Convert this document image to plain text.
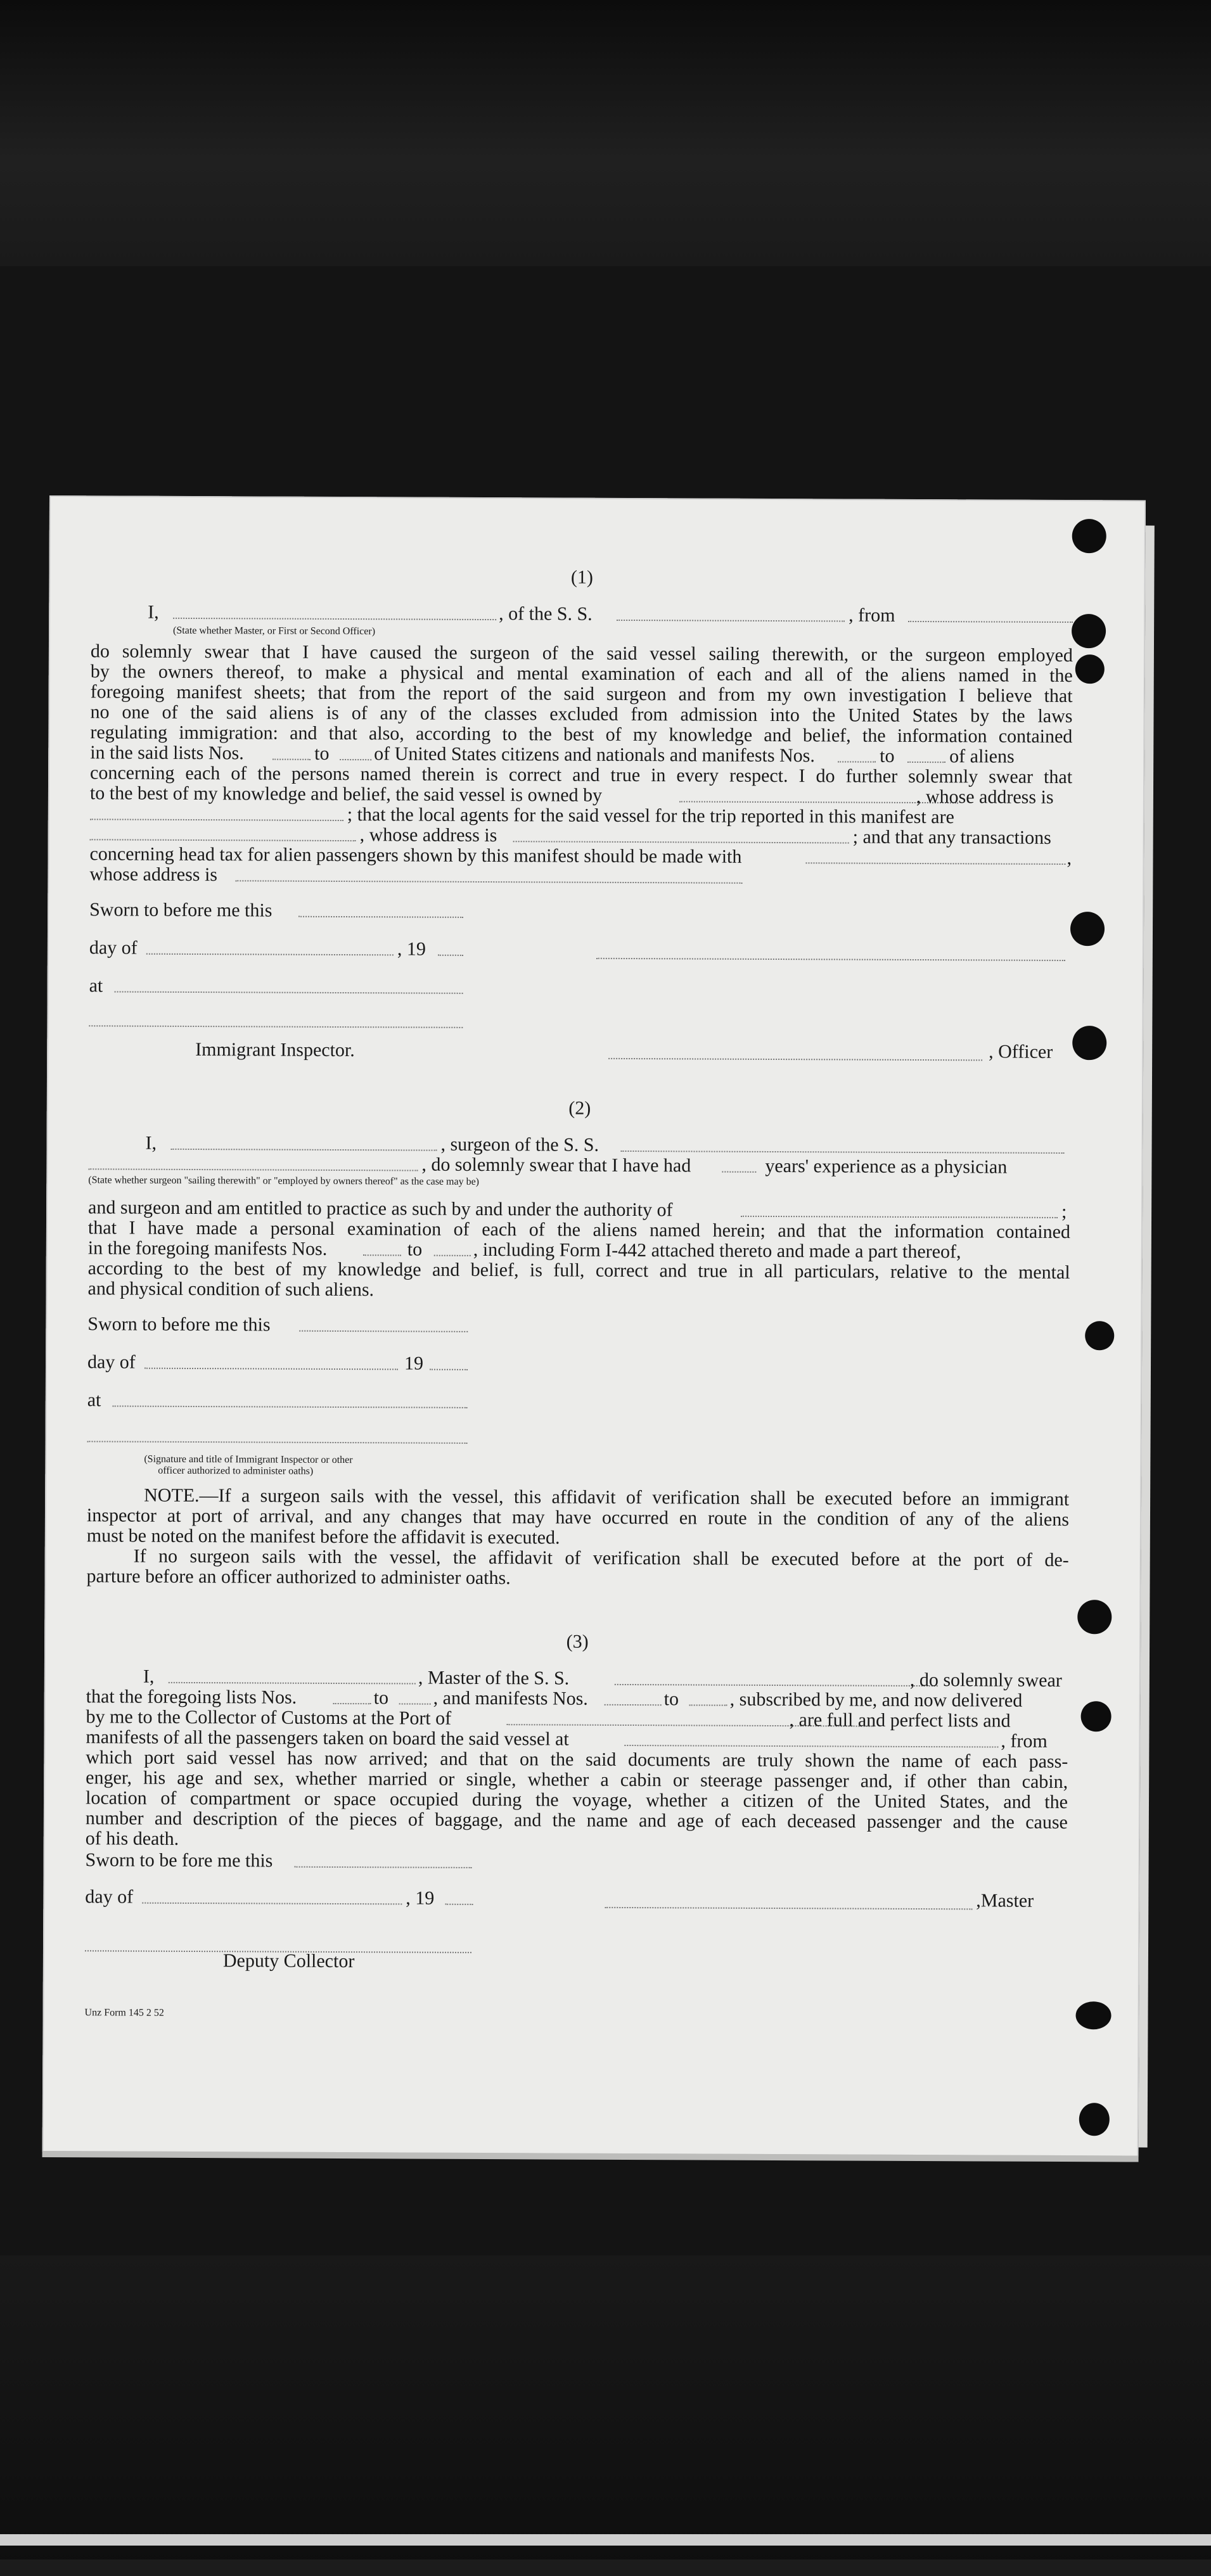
(1)
I,	, of the S. S.	, from
(State whether Master, or First or Second Officer)
do solemnly swear that I have caused the surgeon of the said vessel sailing therewith, or the surgeon employed
by the owners thereof, to make a physical and mental examination of each and all of the aliens named in the
foregoing manifest sheets; that from the report of the said surgeon and from my own investigation I believe that
no one of the said aliens is of any of the classes excluded from admission into the United States by the laws
regulating immigration: and that also, according to the best of my knowledge and belief, the information contained
in the said lists Nos.	to of United States citizens and nationals and manifests Nos.	to	of aliens
concerning each of the persons named therein is correct and true in every respect. I do further solemnly swear that
to the best of my knowledge and belief, the said vessel is owned by	, whose address is
; that the local agents for the said vessel for the trip reported in this manifest are
, whose address is	; and that any transactions
concerning head tax for alien passengers shown by this manifest should be made with	,
whose address is
Sworn to before me this
day of	, 19
at
Immigrant Inspector.	, Officer
(2)
I,	, surgeon of the S. S.
, do solemnly swear that I have had	years' experience as a physician
(State whether surgeon "sailing therewith" or "employed by owners thereof" as the case may be)
and surgeon and am entitled to practice as such by and under the authority of	;
that I have made a personal examination of each of the aliens named herein; and that the information contained
in the foregoing manifests Nos.	to	, including Form I-442 attached thereto and made a part thereof,
according to the best of my knowledge and belief, is full, correct and true in all particulars, relative to the mental
and physical condition of such aliens.
Sworn to before me this
day of	19
at
(Signature and title of Immigrant Inspector or other
officer authorized to administer oaths)
NOTE.—If a surgeon sails with the vessel, this affidavit of verification shall be executed before an immigrant
inspector at port of arrival, and any changes that may have occurred en route in the condition of any of the aliens
must be noted on the manifest before the affidavit is executed.
If no surgeon sails with the vessel, the affidavit of verification shall be executed before at the port of de-
parture before an officer authorized to administer oaths.
(3)
I,	, Master of the S. S.	, do solemnly swear
that the foregoing lists Nos.	to , and manifests Nos.	to	, subscribed by me, and now delivered
by me to the Collector of Customs at the Port of	, are full and perfect lists and
manifests of all the passengers taken on board the said vessel at	, from
which port said vessel has now arrived; and that on the said documents are truly shown the name of each pass-
enger, his age and sex, whether married or single, whether a cabin or steerage passenger and, if other than cabin,
location of compartment or space occupied during the voyage, whether a citizen of the United States, and the
number and description of the pieces of baggage, and the name and age of each deceased passenger and the cause
of his death.
Sworn to be fore me this
day of	, 19	,Master
Deputy Collector
Unz Form 145 2 52
